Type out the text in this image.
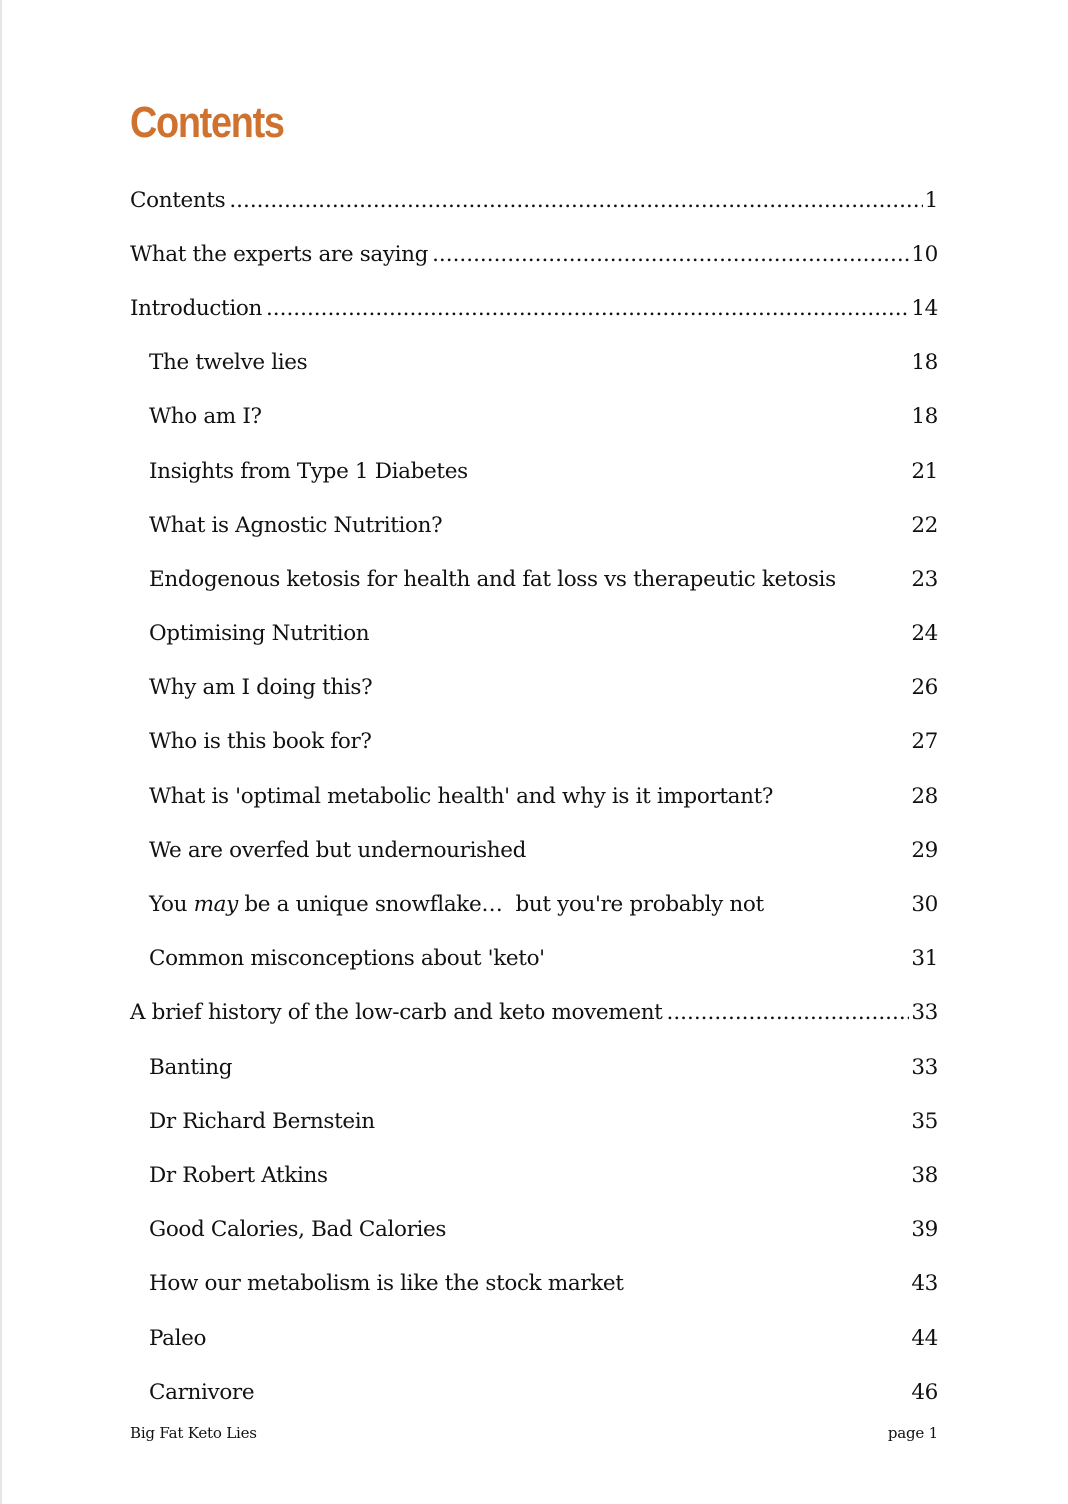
Contents
Contents .....	1
What the experts are saying .....	10
Introduction .....	14
The twelve lies	18
Who am I?	18
Insights from Type 1 Diabetes	21
What is Agnostic Nutrition?	22
Endogenous ketosis for health and fat loss vs therapeutic ketosis	23
Optimising Nutrition	24
Why am I doing this?	26
Who is this book for?	27
What is 'optimal metabolic health' and why is it important?	28
We are overfed but undernourished	29
You may be a unique snowflake…  but you're probably not	30
Common misconceptions about 'keto'	31
A brief history of the low-carb and keto movement .....	33
Banting	33
Dr Richard Bernstein	35
Dr Robert Atkins	38
Good Calories, Bad Calories	39
How our metabolism is like the stock market	43
Paleo	44
Carnivore	46
Big Fat Keto Lies	page 1
